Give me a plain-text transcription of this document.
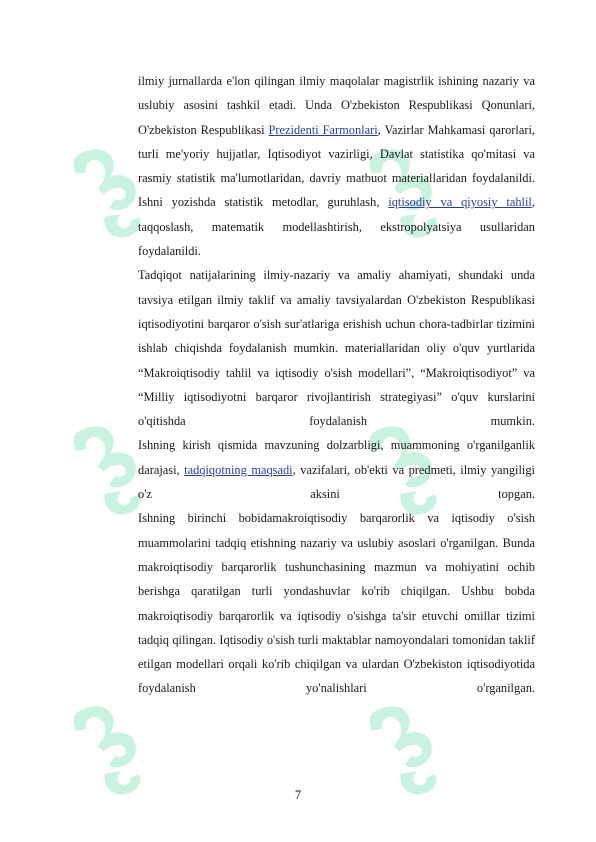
ilmiy jurnallarda e'lon qilingan ilmiy maqolalar magistrlik ishining nazariy va uslubiy asosini tashkil etadi. Unda O'zbekiston Respublikasi Qonunlari, O'zbekiston Respublikasi Prezidenti Farmonlari, Vazirlar Mahkamasi qarorlari, turli me'yoriy hujjatlar, Iqtisodiyot vazirligi, Davlat statistika qo'mitasi va rasmiy statistik ma'lumotlaridan, davriy matbuot materiallaridan foydalanildi. Ishni yozishda statistik metodlar, guruhlash, iqtisodiy va qiyosiy tahlil, taqqoslash, matematik modellashtirish, ekstropolyatsiya usullaridan foydalanildi.

Tadqiqot natijalarining ilmiy-nazariy va amaliy ahamiyati, shundaki unda tavsiya etilgan ilmiy taklif va amaliy tavsiyalardan O'zbekiston Respublikasi iqtisodiyotini barqaror o'sish sur'atlariga erishish uchun chora-tadbirlar tizimini ishlab chiqishda foydalanish mumkin. materiallaridan oliy o'quv yurtlarida “Makroiqtisodiy tahlil va iqtisodiy o'sish modellari”, “Makroiqtisodiyot” va “Milliy iqtisodiyotni barqaror rivojlantirish strategiyasi” o'quv kurslarini o'qitishda foydalanish mumkin.

Ishning kirish qismida mavzuning dolzarbligi, muammoning o'rganilganlik darajasi, tadqiqotning maqsadi, vazifalari, ob'ekti va predmeti, ilmiy yangiligi o'z aksini topgan.

Ishning birinchi bobidamakroiqtisodiy barqarorlik va iqtisodiy o'sish muammolarini tadqiq etishning nazariy va uslubiy asoslari o'rganilgan. Bunda makroiqtisodiy barqarorlik tushunchasining mazmun va mohiyatini ochib berishga qaratilgan turli yondashuvlar ko'rib chiqilgan. Ushbu bobda makroiqtisodiy barqarorlik va iqtisodiy o'sishga ta'sir etuvchi omillar tizimi tadqiq qilingan. Iqtisodiy o'sish turli maktablar namoyondalari tomonidan taklif etilgan modellari orqali ko'rib chiqilgan va ulardan O'zbekiston iqtisodiyotida foydalanish yo'nalishlari o'rganilgan.

7
